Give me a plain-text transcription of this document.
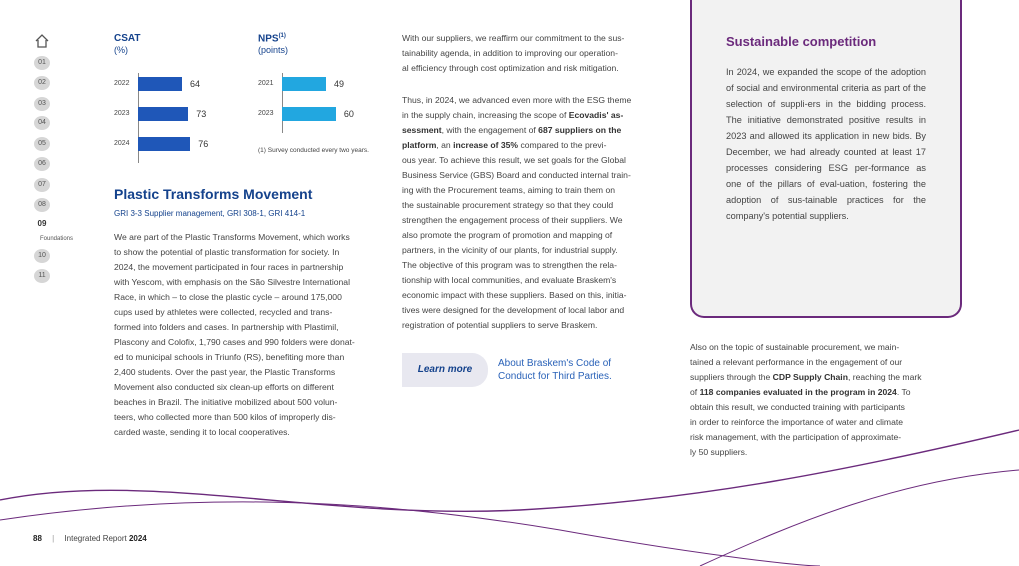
01
02
03
04
05
06
07
08
09
10
11
Foundations
CSAT
(%)
2022	64
2023	73
2024	76
NPS$^{(1)}$
(points)
2021	49
2023	60
(1) Survey conducted every two years.
Plastic Transforms Movement
GRI 3-3 Supplier management, GRI 308-1, GRI 414-1
We are part of the Plastic Transforms Movement, which works
to show the potential of plastic transformation for society. In
2024, the movement participated in four races in partnership
with Yescom, with emphasis on the São Silvestre International
Race, in which – to close the plastic cycle – around 175,000
cups used by athletes were collected, recycled and trans-
formed into folders and cases. In partnership with Plastimil,
Plascony and Colofix, 1,790 cases and 990 folders were donat-
ed to municipal schools in Triunfo (RS), benefiting more than
2,400 students. Over the past year, the Plastic Transforms
Movement also conducted six clean-up efforts on different
beaches in Brazil. The initiative mobilized about 500 volun-
teers, who collected more than 500 kilos of improperly dis-
carded waste, sending it to local cooperatives.
With our suppliers, we reaffirm our commitment to the sus-
tainability agenda, in addition to improving our operation-
al efficiency through cost optimization and risk mitigation.
Thus, in 2024, we advanced even more with the ESG theme
in the supply chain, increasing the scope of Ecovadis' as-
sessment, with the engagement of 687 suppliers on the
platform, an increase of 35% compared to the previ-
ous year. To achieve this result, we set goals for the Global
Business Service (GBS) Board and conducted internal train-
ing with the Procurement teams, aiming to train them on
the sustainable procurement strategy so that they could
strengthen the engagement process of their suppliers. We
also promote the program of promotion and mapping of
partners, in the vicinity of our plants, for industrial supply.
The objective of this program was to strengthen the rela-
tionship with local communities, and evaluate Braskem's
economic impact with these suppliers. Based on this, initia-
tives were designed for the development of local labor and
registration of potential suppliers to serve Braskem.
Learn more
About Braskem's Code of Conduct for Third Parties.
Sustainable competition
In 2024, we expanded the scope of the adoption of social and environmental criteria as part of the selection of suppli-ers in the bidding process. The initiative demonstrated positive results in 2023 and allowed its application in new bids. By December, we had already counted at least 17 processes considering ESG per-formance as one of the pillars of eval-uation, fostering the adoption of sus-tainable practices for the company's potential suppliers.
Also on the topic of sustainable procurement, we main-
tained a relevant performance in the engagement of our
suppliers through the CDP Supply Chain, reaching the mark
of 118 companies evaluated in the program in 2024. To
obtain this result, we conducted training with participants
in order to reinforce the importance of water and climate
risk management, with the participation of approximate-
ly 50 suppliers.
88 | Integrated Report 2024
